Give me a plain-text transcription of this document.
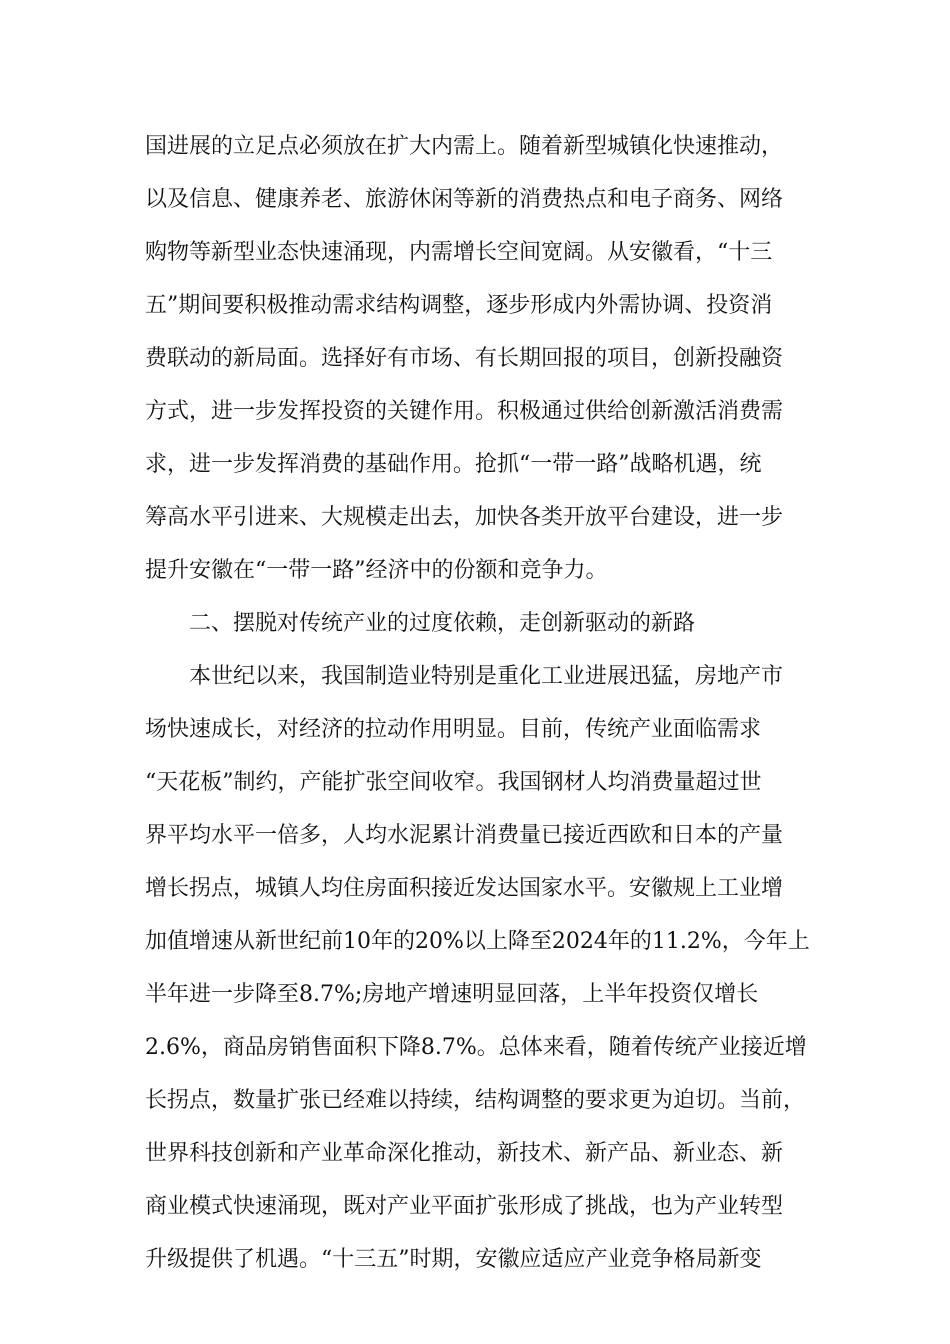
国进展的立足点必须放在扩大内需上。随着新型城镇化快速推动，
以及信息、健康养老、旅游休闲等新的消费热点和电子商务、网络
购物等新型业态快速涌现，内需增长空间宽阔。从安徽看，“十三
五”期间要积极推动需求结构调整，逐步形成内外需协调、投资消
费联动的新局面。选择好有市场、有长期回报的项目，创新投融资
方式，进一步发挥投资的关键作用。积极通过供给创新激活消费需
求，进一步发挥消费的基础作用。抢抓“一带一路”战略机遇，统
筹高水平引进来、大规模走出去，加快各类开放平台建设，进一步
提升安徽在“一带一路”经济中的份额和竞争力。
二、摆脱对传统产业的过度依赖，走创新驱动的新路
本世纪以来，我国制造业特别是重化工业进展迅猛，房地产市
场快速成长，对经济的拉动作用明显。目前，传统产业面临需求
“天花板”制约，产能扩张空间收窄。我国钢材人均消费量超过世
界平均水平一倍多，人均水泥累计消费量已接近西欧和日本的产量
增长拐点，城镇人均住房面积接近发达国家水平。安徽规上工业增
加值增速从新世纪前10年的20%以上降至2024年的11.2%，今年上
半年进一步降至8.7%;房地产增速明显回落，上半年投资仅增长
2.6%，商品房销售面积下降8.7%。总体来看，随着传统产业接近增
长拐点，数量扩张已经难以持续，结构调整的要求更为迫切。当前，
世界科技创新和产业革命深化推动，新技术、新产品、新业态、新
商业模式快速涌现，既对产业平面扩张形成了挑战，也为产业转型
升级提供了机遇。“十三五”时期，安徽应适应产业竞争格局新变
